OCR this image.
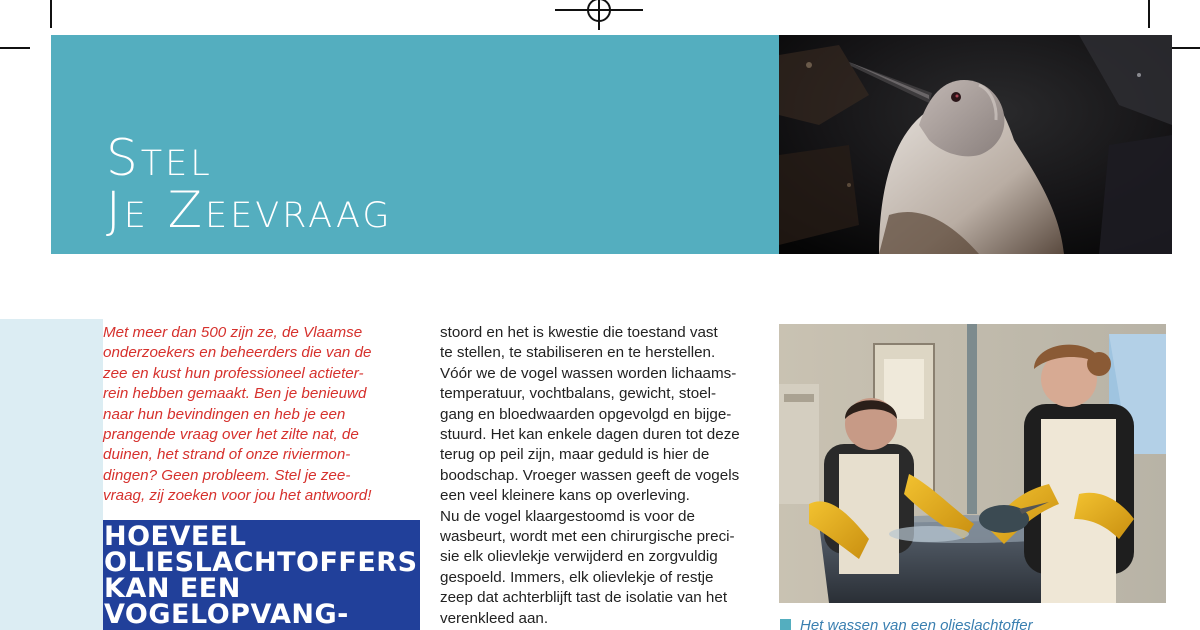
Stel
Je Zeevraag
Met meer dan 500 zijn ze, de Vlaamse
onderzoekers en beheerders die van de
zee en kust hun professioneel actieter-
rein hebben gemaakt. Ben je benieuwd
naar hun bevindingen en heb je een
prangende vraag over het zilte nat, de
duinen, het strand of onze riviermon-
dingen? Geen probleem. Stel je zee-
vraag, zij zoeken voor jou het antwoord!
HOEVEEL
OLIESLACHTOFFERS
KAN EEN
VOGELOPVANG-
stoord en het is kwestie die toestand vast
te stellen, te stabiliseren en te herstellen.
Vóór we de vogel wassen worden lichaams-
temperatuur, vochtbalans, gewicht, stoel-
gang en bloedwaarden opgevolgd en bijge-
stuurd. Het kan enkele dagen duren tot deze
terug op peil zijn, maar geduld is hier de
boodschap. Vroeger wassen geeft de vogels
een veel kleinere kans op overleving.
Nu de vogel klaargestoomd is voor de
wasbeurt, wordt met een chirurgische preci-
sie elk olievlekje verwijderd en zorgvuldig
gespoeld. Immers, elk olievlekje of restje
zeep dat achterblijft tast de isolatie van het
verenkleed aan.	Het wassen van een olieslachtoffer
